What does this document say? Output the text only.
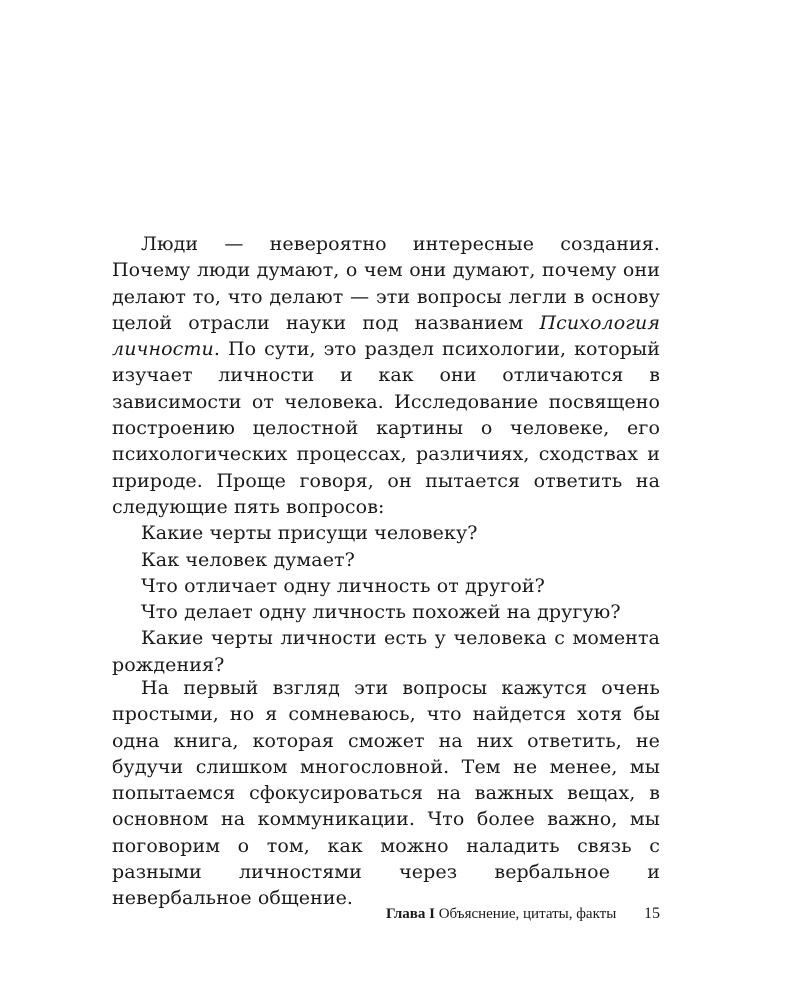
Люди — невероятно интересные создания. Почему люди думают, о чем они думают, почему они делают то, что делают — эти вопросы легли в основу целой отрасли науки под названием Психология личности. По сути, это раздел психологии, который изучает личности и как они отличаются в зависимости от человека. Исследование посвящено построению целостной картины о человеке, его психологических процессах, различиях, сходствах и природе. Проще говоря, он пытается ответить на следующие пять вопросов:

Какие черты присущи человеку?

Как человек думает?

Что отличает одну личность от другой?

Что делает одну личность похожей на другую?

Какие черты личности есть у человека с момента рождения?

На первый взгляд эти вопросы кажутся очень простыми, но я сомневаюсь, что найдется хотя бы одна книга, которая сможет на них ответить, не будучи слишком многословной. Тем не менее, мы попытаемся сфокусироваться на важных вещах, в основном на коммуникации. Что более важно, мы поговорим о том, как можно наладить связь с разными личностями через вербальное и невербальное общение.

Глава I Объяснение, цитаты, факты 15
